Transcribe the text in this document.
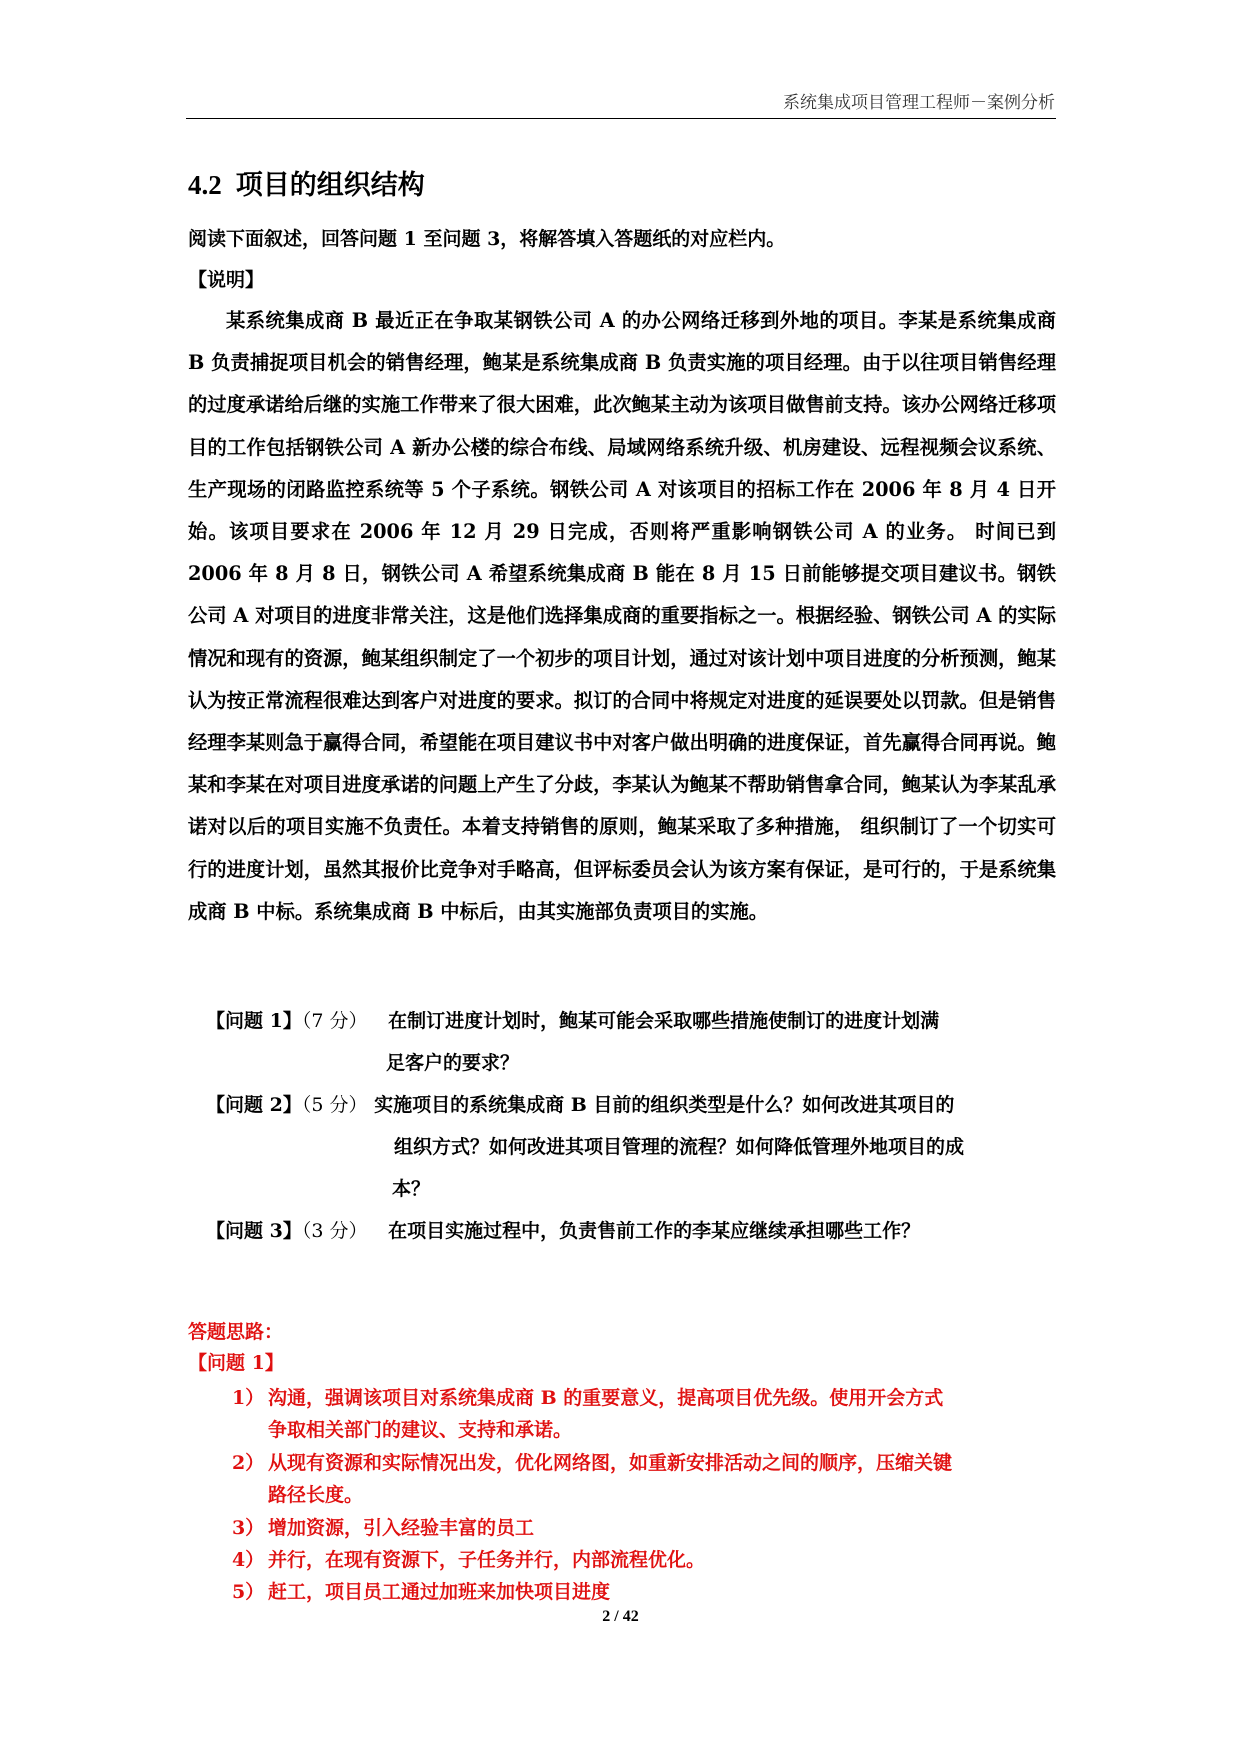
系统集成项目管理工程师－案例分析
4.2 项目的组织结构
阅读下面叙述，回答问题 1 至问题 3，将解答填入答题纸的对应栏内。
【说明】

某系统集成商 B 最近正在争取某钢铁公司 A 的办公网络迁移到外地的项目。李某是系统集成商 B 负责捕捉项目机会的销售经理，鲍某是系统集成商 B 负责实施的项目经理。由于以往项目销售经理的过度承诺给后继的实施工作带来了很大困难，此次鲍某主动为该项目做售前支持。该办公网络迁移项目的工作包括钢铁公司 A 新办公楼的综合布线、局域网络系统升级、机房建设、远程视频会议系统、生产现场的闭路监控系统等 5 个子系统。钢铁公司 A 对该项目的招标工作在 2006 年 8 月 4 日开始。该项目要求在 2006 年 12 月 29 日完成，否则将严重影响钢铁公司 A 的业务。 时间已到 2006 年 8 月 8 日，钢铁公司 A 希望系统集成商 B 能在 8 月 15 日前能够提交项目建议书。钢铁公司 A 对项目的进度非常关注，这是他们选择集成商的重要指标之一。根据经验、钢铁公司 A 的实际情况和现有的资源，鲍某组织制定了一个初步的项目计划，通过对该计划中项目进度的分析预测，鲍某认为按正常流程很难达到客户对进度的要求。拟订的合同中将规定对进度的延误要处以罚款。但是销售经理李某则急于赢得合同，希望能在项目建议书中对客户做出明确的进度保证，首先赢得合同再说。鲍某和李某在对项目进度承诺的问题上产生了分歧，李某认为鲍某不帮助销售拿合同，鲍某认为李某乱承诺对以后的项目实施不负责任。本着支持销售的原则，鲍某采取了多种措施， 组织制订了一个切实可行的进度计划，虽然其报价比竞争对手略高，但评标委员会认为该方案有保证，是可行的，于是系统集成商 B 中标。系统集成商 B 中标后，由其实施部负责项目的实施。

【问题 1】（7 分） 在制订进度计划时，鲍某可能会采取哪些措施使制订的进度计划满
足客户的要求？
【问题 2】（5 分） 实施项目的系统集成商 B 目前的组织类型是什么？如何改进其项目的
组织方式？如何改进其项目管理的流程？如何降低管理外地项目的成
本？
【问题 3】（3 分） 在项目实施过程中，负责售前工作的李某应继续承担哪些工作？
答题思路：
【问题 1】
1） 沟通，强调该项目对系统集成商 B 的重要意义，提高项目优先级。使用开会方式
争取相关部门的建议、支持和承诺。
2） 从现有资源和实际情况出发，优化网络图，如重新安排活动之间的顺序，压缩关键
路径长度。
3） 增加资源，引入经验丰富的员工
4） 并行，在现有资源下，子任务并行，内部流程优化。
5） 赶工，项目员工通过加班来加快项目进度
2 / 42
